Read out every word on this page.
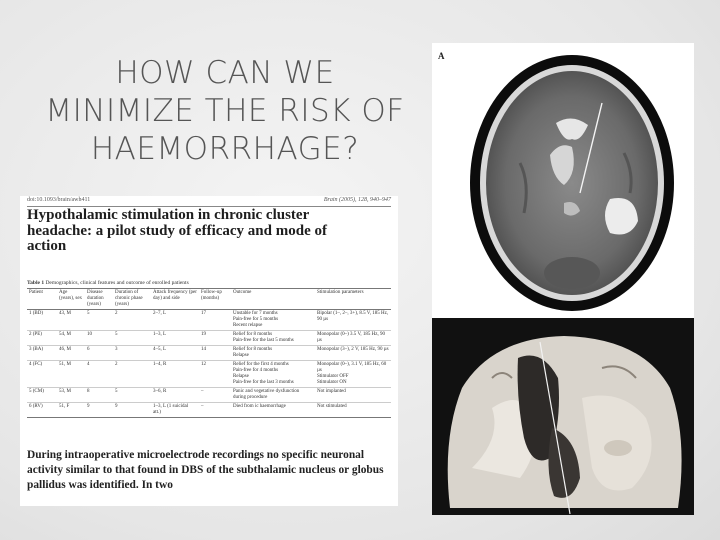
HOW CAN WE
MINIMIZE THE RISK OF
HAEMORRHAGE?
doi:10.1093/brain/awh411	Brain (2005), 128, 940–947
Hypothalamic stimulation in chronic cluster headache: a pilot study of efficacy and mode of action
Table 1 Demographics, clinical features and outcome of enrolled patients
Patient	Age (years), sex	Disease duration (years)	Duration of chronic phase (years)	Attack frequency (per day) and side	Follow-up (months)	Outcome	Stimulation parameters
1 (BD)	43, M	5	2	2–7, L	17	Unstable for 7 months
Pain-free for 5 months
Recent relapse	Bipolar (1–, 2–, 3+), 8.5 V, 185 Hz, 90 µs
2 (PE)	54, M	10	5	1–3, L	19	Relief for 8 months
Pain-free for the last 5 months	Monopolar (0–) 3.5 V, 185 Hz, 90 µs
3 (BA)	46, M	6	3	4–5, L	14	Relief for 8 months
Relapse	Monopolar (3–), 2 V, 185 Hz, 90 µs
4 (FC)	51, M	4	2	1–4, R	12	Relief for the first 4 months
Pain-free for 4 months
Relapse
Pain-free for the last 3 months	Monopolar (0–), 3.1 V, 185 Hz, 60 µs
Stimulator OFF
Stimulator ON
5 (CM)	53, M	8	5	3–6, R	–	Panic and vegetative dysfunction during procedure	Not implanted
6 (RV)	51, F	9	9	1–3, L (1 suicidal att.)	–	Died from ic haemorrhage	Not stimulated
During intraoperative microelectrode recordings no specific neuronal activity similar to that found in DBS of the subthalamic nucleus or globus pallidus was identified. In two
A
